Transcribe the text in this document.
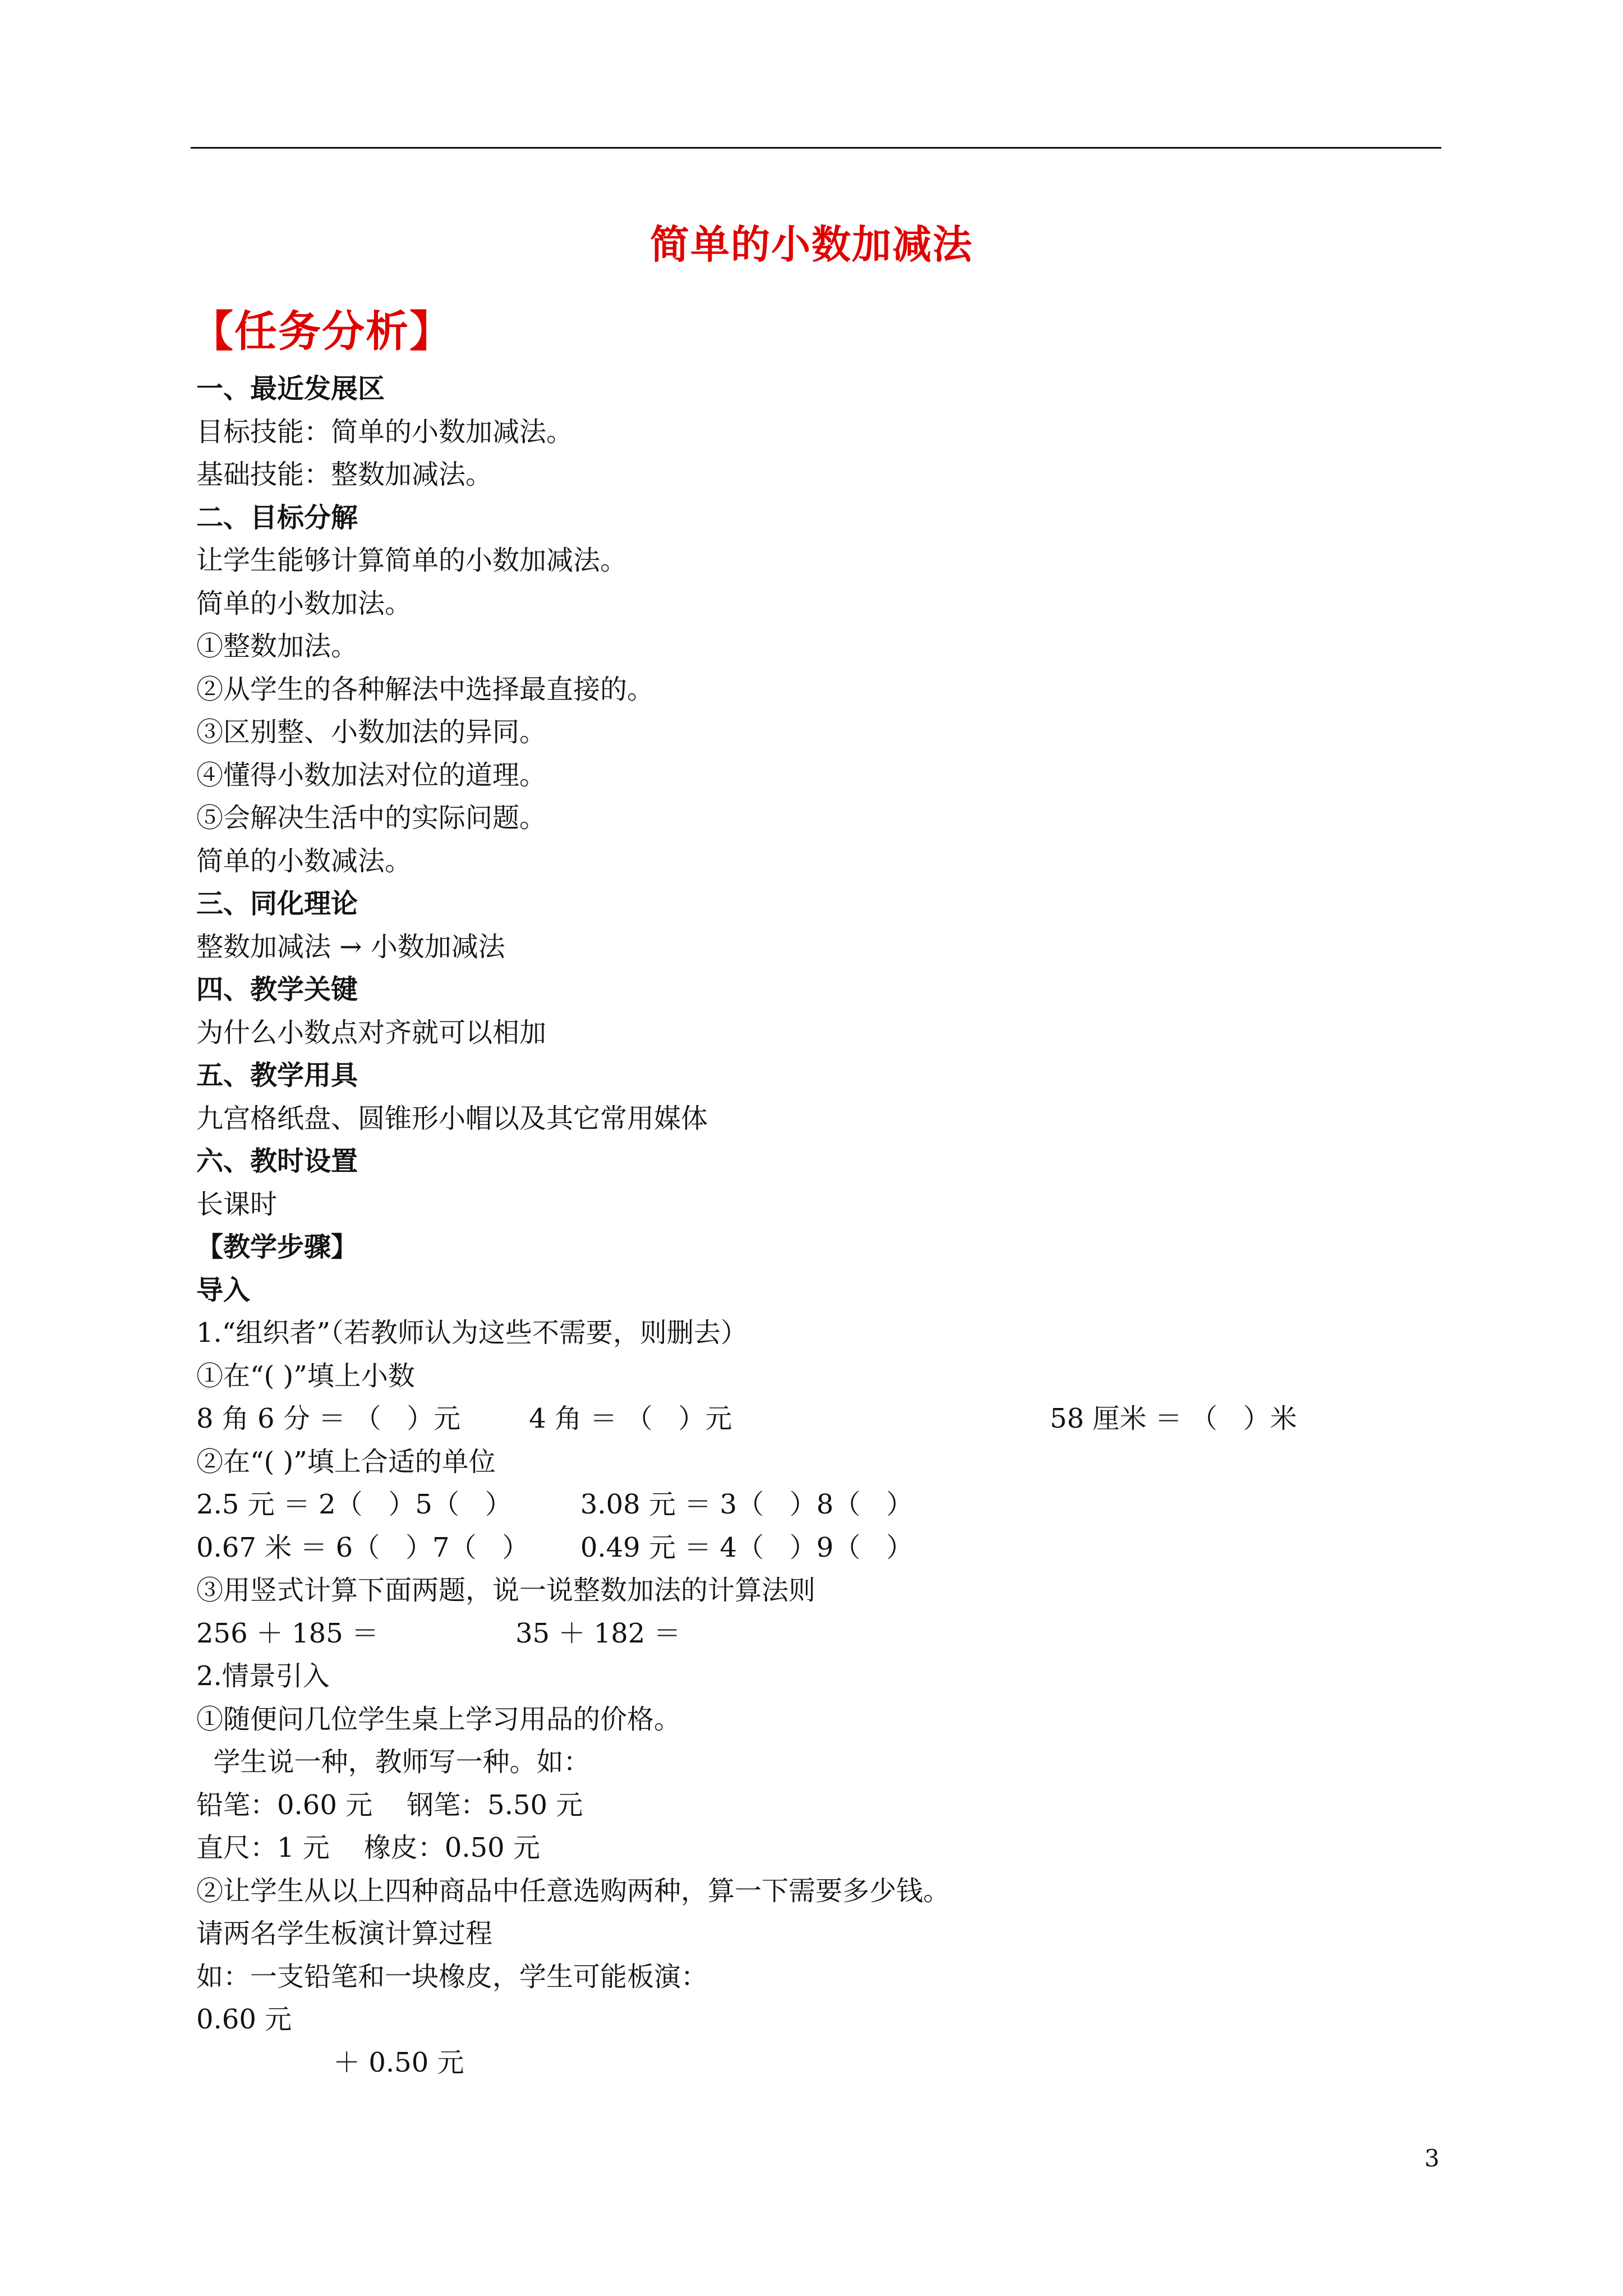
简单的小数加减法
【任务分析】
一、最近发展区
目标技能：简单的小数加减法。
基础技能：整数加减法。
二、目标分解
让学生能够计算简单的小数加减法。
简单的小数加法。
①整数加法。
②从学生的各种解法中选择最直接的。
③区别整、小数加法的异同。
④懂得小数加法对位的道理。
⑤会解决生活中的实际问题。
简单的小数减法。
三、同化理论
整数加减法 → 小数加减法
四、教学关键
为什么小数点对齐就可以相加
五、教学用具
九宫格纸盘、圆锥形小帽以及其它常用媒体
六、教时设置
长课时
【教学步骤】
导入
1.“组织者”（若教师认为这些不需要，则删去）
①在“( )”填上小数
8 角 6 分 ＝ （   ）元        4 角 ＝ （   ）元	58 厘米 ＝ （   ）米
②在“( )”填上合适的单位
2.5 元 ＝ 2（   ）5（   ）        3.08 元 ＝ 3（   ）8（   ）
0.67 米 ＝ 6（   ）7（   ）      0.49 元 ＝ 4（   ）9（   ）
③用竖式计算下面两题，说一说整数加法的计算法则
256 ＋ 185 ＝                35 ＋ 182 ＝
2.情景引入
①随便问几位学生桌上学习用品的价格。
学生说一种，教师写一种。如：
铅笔：0.60 元    钢笔：5.50 元
直尺：1 元    橡皮：0.50 元
②让学生从以上四种商品中任意选购两种，算一下需要多少钱。
请两名学生板演计算过程
如：一支铅笔和一块橡皮，学生可能板演：
0.60 元
＋ 0.50 元
3
